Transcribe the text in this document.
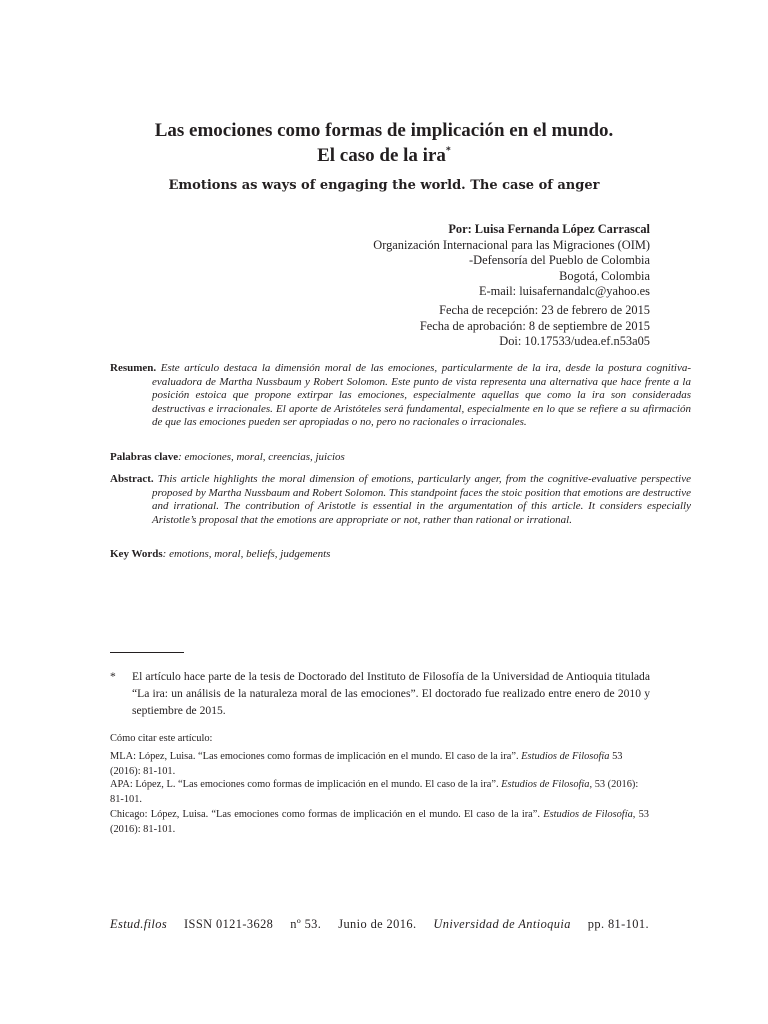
Las emociones como formas de implicación en el mundo.

El caso de la ira*

Emotions as ways of engaging the world. The case of anger
Por: Luisa Fernanda López Carrascal
Organización Internacional para las Migraciones (OIM)
-Defensoría del Pueblo de Colombia
Bogotá, Colombia
E-mail: luisafernandalc@yahoo.es
Fecha de recepción: 23 de febrero de 2015
Fecha de aprobación: 8 de septiembre de 2015
Doi: 10.17533/udea.ef.n53a05
Resumen. Este artículo destaca la dimensión moral de las emociones, particularmente de la ira, desde la postura cognitiva-evaluadora de Martha Nussbaum y Robert Solomon. Este punto de vista representa una alternativa que hace frente a la posición estoica que propone extirpar las emociones, especialmente aquellas que como la ira son consideradas destructivas e irracionales. El aporte de Aristóteles será fundamental, especialmente en lo que se refiere a su afirmación de que las emociones pueden ser apropiadas o no, pero no racionales o irracionales.
Palabras clave: emociones, moral, creencias, juicios
Abstract. This article highlights the moral dimension of emotions, particularly anger, from the cognitive-evaluative perspective proposed by Martha Nussbaum and Robert Solomon. This standpoint faces the stoic position that emotions are destructive and irrational. The contribution of Aristotle is essential in the argumentation of this article. It considers especially Aristotle’s proposal that the emotions are appropriate or not, rather than rational or irrational.
Key Words: emotions, moral, beliefs, judgements
* El artículo hace parte de la tesis de Doctorado del Instituto de Filosofía de la Universidad de Antioquia titulada “La ira: un análisis de la naturaleza moral de las emociones”. El doctorado fue realizado entre enero de 2010 y septiembre de 2015.
Cómo citar este artículo:
MLA: López, Luisa. “Las emociones como formas de implicación en el mundo. El caso de la ira”. Estudios de Filosofía 53 (2016): 81-101.
APA: López, L. “Las emociones como formas de implicación en el mundo. El caso de la ira”. Estudios de Filosofía, 53 (2016): 81-101.
Chicago: López, Luisa. “Las emociones como formas de implicación en el mundo. El caso de la ira”. Estudios de Filosofía, 53 (2016): 81-101.
Estud.filos ISSN 0121-3628 nº 53. Junio de 2016. Universidad de Antioquia pp. 81-101.
